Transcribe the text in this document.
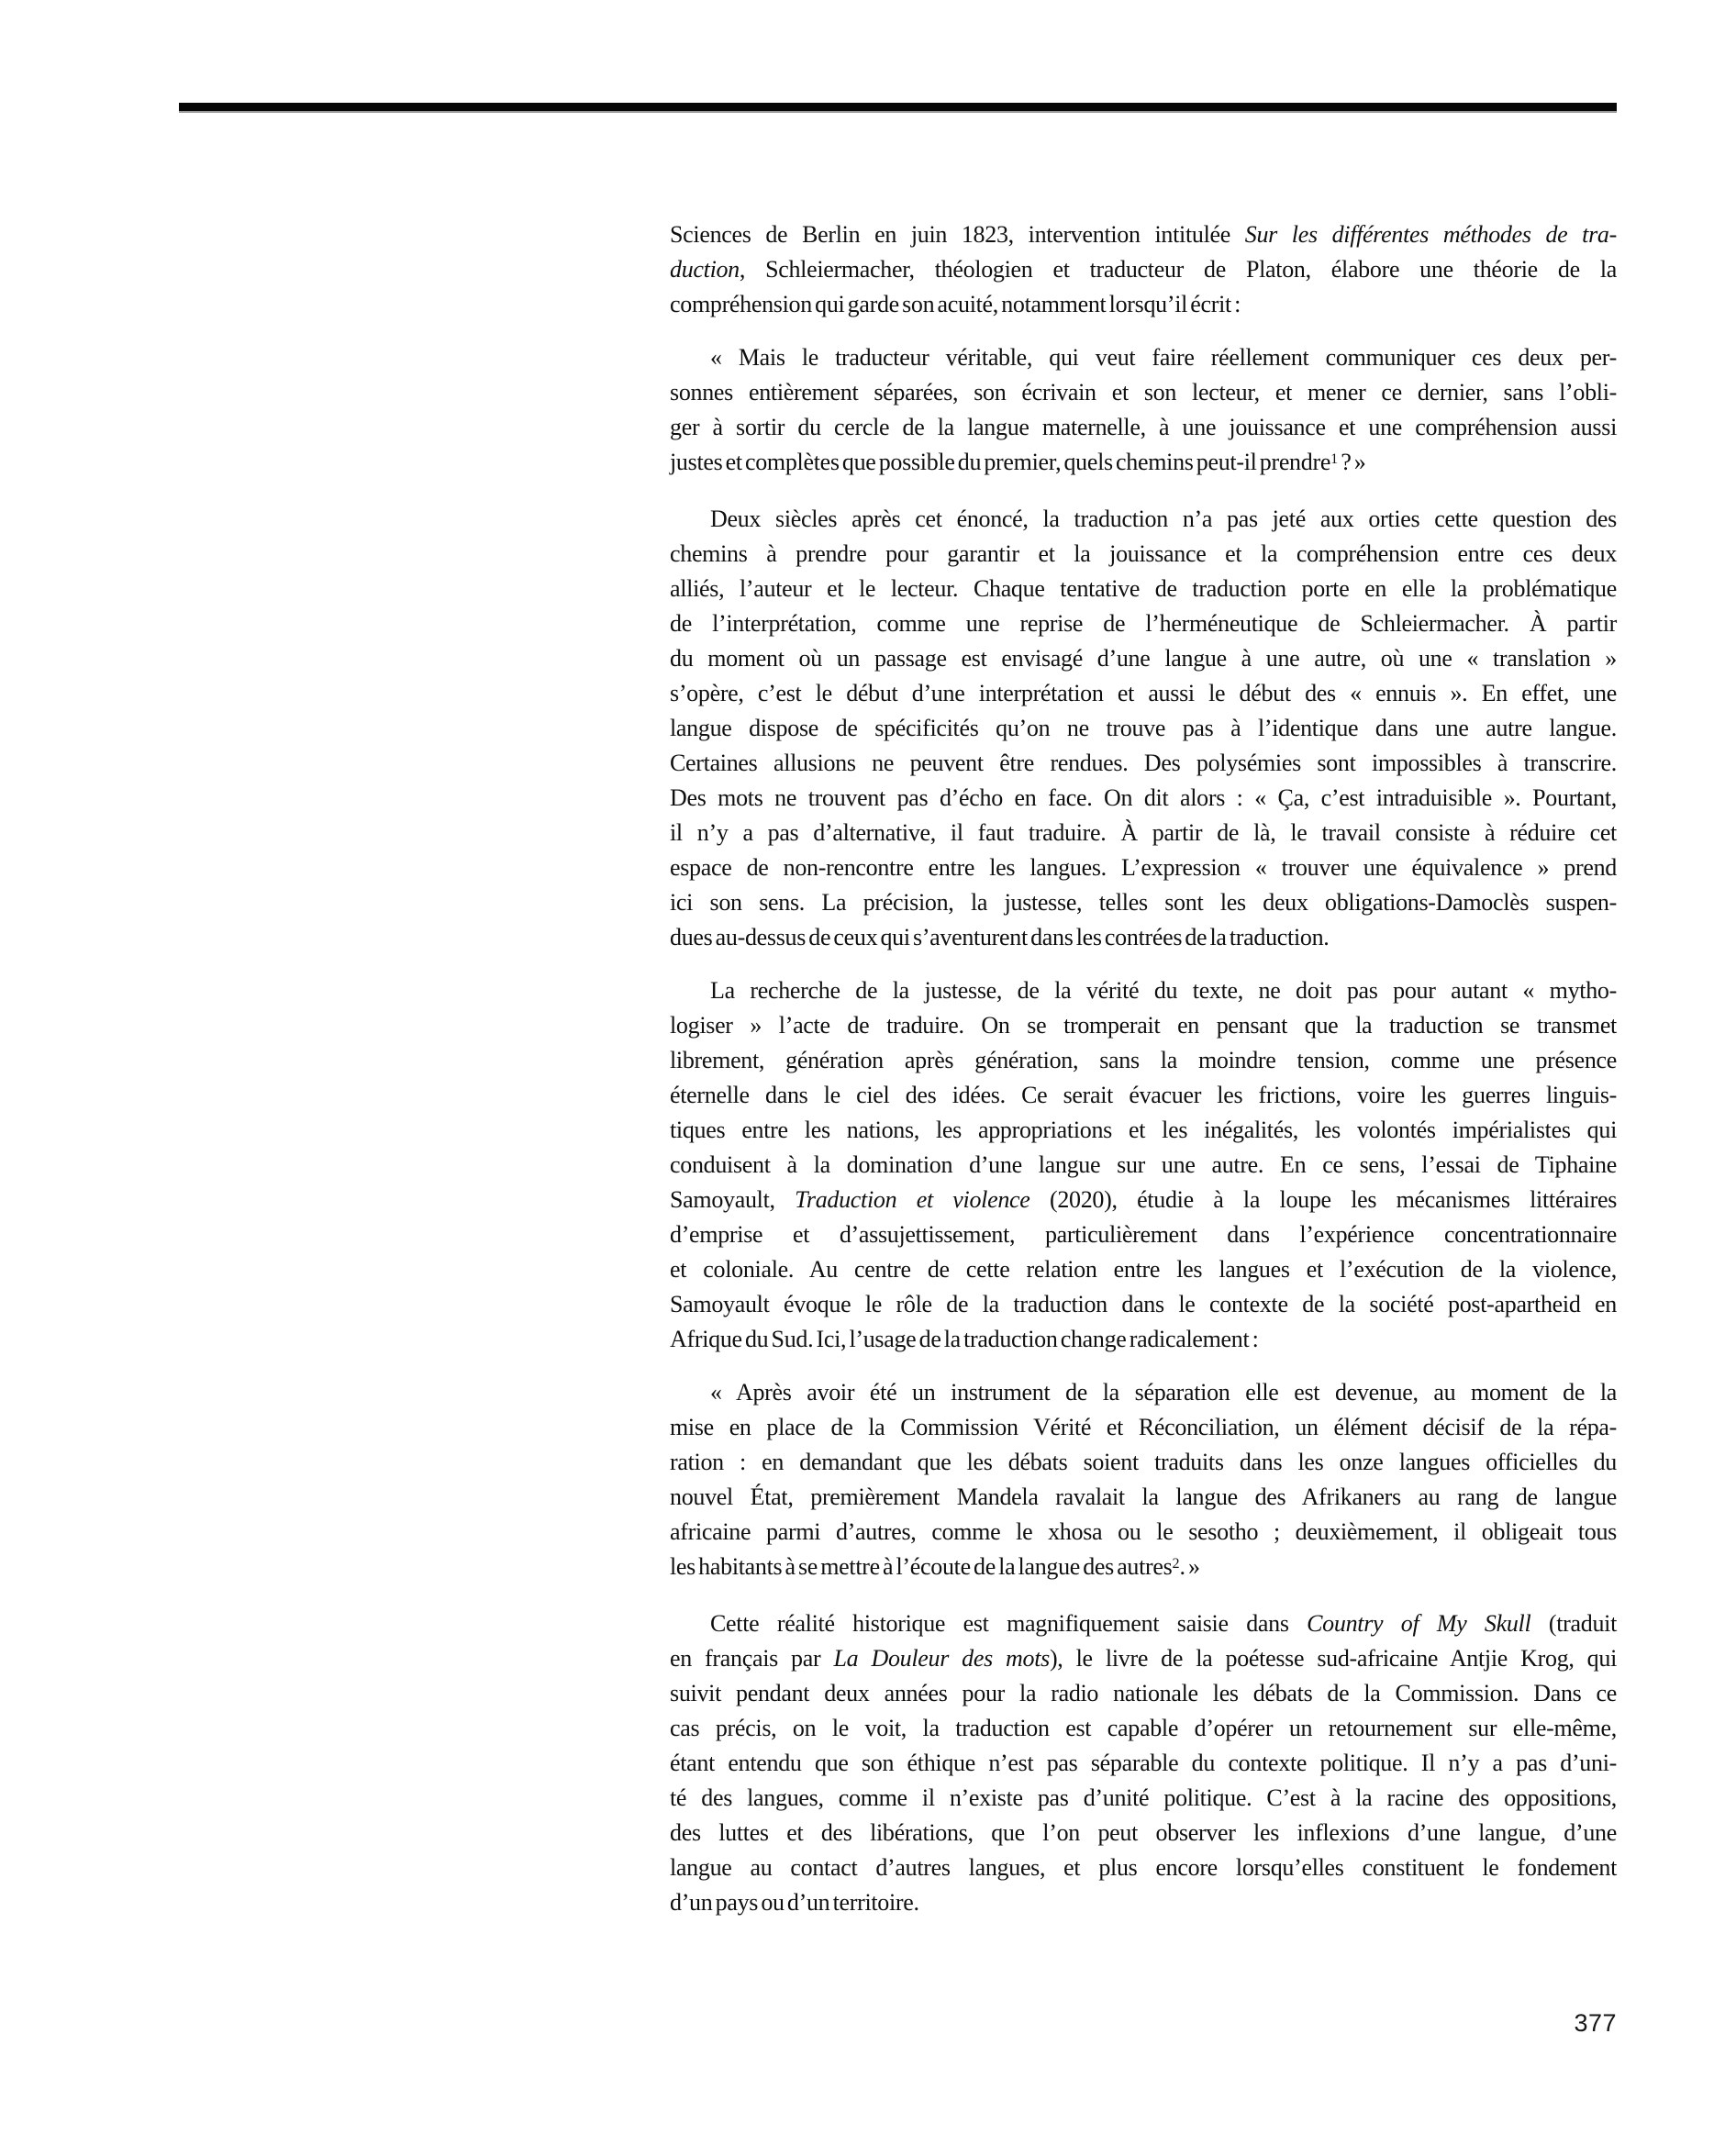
Sciences de Berlin en juin 1823, intervention intitulée Sur les différentes méthodes de tra-
duction, Schleiermacher, théologien et traducteur de Platon, élabore une théorie de la
compréhension qui garde son acuité, notamment lorsqu’il écrit :
« Mais le traducteur véritable, qui veut faire réellement communiquer ces deux per-
sonnes entièrement séparées, son écrivain et son lecteur, et mener ce dernier, sans l’obli-
ger à sortir du cercle de la langue maternelle, à une jouissance et une compréhension aussi
justes et complètes que possible du premier, quels chemins peut-il prendre$^1$ ? »
Deux siècles après cet énoncé, la traduction n’a pas jeté aux orties cette question des
chemins à prendre pour garantir et la jouissance et la compréhension entre ces deux
alliés, l’auteur et le lecteur. Chaque tentative de traduction porte en elle la problématique
de l’interprétation, comme une reprise de l’herméneutique de Schleiermacher. À partir
du moment où un passage est envisagé d’une langue à une autre, où une « translation »
s’opère, c’est le début d’une interprétation et aussi le début des « ennuis ». En effet, une
langue dispose de spécificités qu’on ne trouve pas à l’identique dans une autre langue.
Certaines allusions ne peuvent être rendues. Des polysémies sont impossibles à transcrire.
Des mots ne trouvent pas d’écho en face. On dit alors : « Ça, c’est intraduisible ». Pourtant,
il n’y a pas d’alternative, il faut traduire. À partir de là, le travail consiste à réduire cet
espace de non-rencontre entre les langues. L’expression « trouver une équivalence » prend
ici son sens. La précision, la justesse, telles sont les deux obligations-Damoclès suspen-
dues au-dessus de ceux qui s’aventurent dans les contrées de la traduction.
La recherche de la justesse, de la vérité du texte, ne doit pas pour autant « mytho-
logiser » l’acte de traduire. On se tromperait en pensant que la traduction se transmet
librement, génération après génération, sans la moindre tension, comme une présence
éternelle dans le ciel des idées. Ce serait évacuer les frictions, voire les guerres linguis-
tiques entre les nations, les appropriations et les inégalités, les volontés impérialistes qui
conduisent à la domination d’une langue sur une autre. En ce sens, l’essai de Tiphaine
Samoyault, Traduction et violence (2020), étudie à la loupe les mécanismes littéraires
d’emprise et d’assujettissement, particulièrement dans l’expérience concentrationnaire
et coloniale. Au centre de cette relation entre les langues et l’exécution de la violence,
Samoyault évoque le rôle de la traduction dans le contexte de la société post-apartheid en
Afrique du Sud. Ici, l’usage de la traduction change radicalement :
« Après avoir été un instrument de la séparation elle est devenue, au moment de la
mise en place de la Commission Vérité et Réconciliation, un élément décisif de la répa-
ration : en demandant que les débats soient traduits dans les onze langues officielles du
nouvel État, premièrement Mandela ravalait la langue des Afrikaners au rang de langue
africaine parmi d’autres, comme le xhosa ou le sesotho ; deuxièmement, il obligeait tous
les habitants à se mettre à l’écoute de la langue des autres$^2$. »
Cette réalité historique est magnifiquement saisie dans Country of My Skull (traduit
en français par La Douleur des mots), le livre de la poétesse sud-africaine Antjie Krog, qui
suivit pendant deux années pour la radio nationale les débats de la Commission. Dans ce
cas précis, on le voit, la traduction est capable d’opérer un retournement sur elle-même,
étant entendu que son éthique n’est pas séparable du contexte politique. Il n’y a pas d’uni-
té des langues, comme il n’existe pas d’unité politique. C’est à la racine des oppositions,
des luttes et des libérations, que l’on peut observer les inflexions d’une langue, d’une
langue au contact d’autres langues, et plus encore lorsqu’elles constituent le fondement
d’un pays ou d’un territoire.
377
